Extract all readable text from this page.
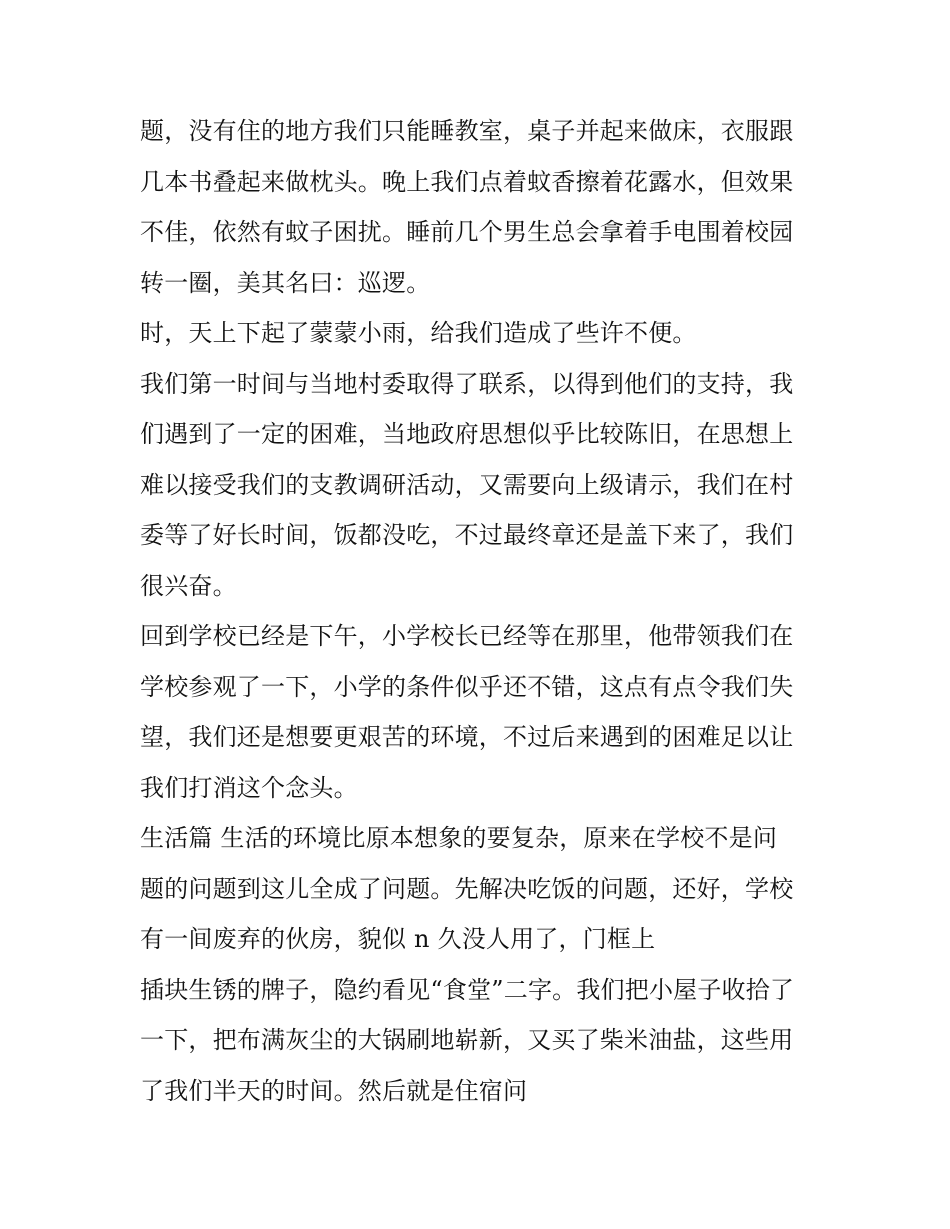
题，没有住的地方我们只能睡教室，桌子并起来做床，衣服跟
几本书叠起来做枕头。晚上我们点着蚊香擦着花露水，但效果
不佳，依然有蚊子困扰。睡前几个男生总会拿着手电围着校园
转一圈，美其名曰：巡逻。
时，天上下起了蒙蒙小雨，给我们造成了些许不便。
我们第一时间与当地村委取得了联系，以得到他们的支持，我
们遇到了一定的困难，当地政府思想似乎比较陈旧，在思想上
难以接受我们的支教调研活动，又需要向上级请示，我们在村
委等了好长时间，饭都没吃，不过最终章还是盖下来了，我们
很兴奋。
回到学校已经是下午，小学校长已经等在那里，他带领我们在
学校参观了一下，小学的条件似乎还不错，这点有点令我们失
望，我们还是想要更艰苦的环境，不过后来遇到的困难足以让
我们打消这个念头。
生活篇 生活的环境比原本想象的要复杂，原来在学校不是问
题的问题到这儿全成了问题。先解决吃饭的问题，还好，学校
有一间废弃的伙房，貌似 n 久没人用了，门框上
插块生锈的牌子，隐约看见“食堂”二字。我们把小屋子收拾了
一下，把布满灰尘的大锅刷地崭新，又买了柴米油盐，这些用
了我们半天的时间。然后就是住宿问
